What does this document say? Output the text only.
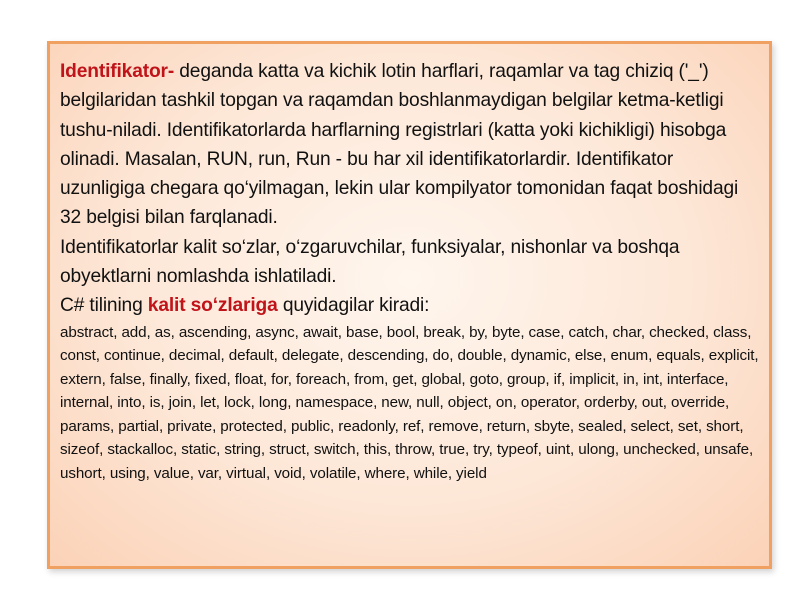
Identifikator- deganda katta va kichik lotin harflari, raqamlar va tag chiziq ('_') belgilaridan tashkil topgan va raqamdan boshlanmaydigan belgilar ketma-ketligi tushu-niladi. Identifikatorlarda harflarning registrlari (katta yoki kichikligi) hisobga olinadi. Masalan, RUN, run, Run - bu har xil identifikatorlardir. Identifikator uzunligiga chegara qo‘yilmagan, lekin ular kompilyator tomonidan faqat boshidagi 32 belgisi bilan farqlanadi.

Identifikatorlar kalit so‘zlar, o‘zgaruvchilar, funksiyalar, nishonlar va boshqa obyektlarni nomlashda ishlatiladi.

C# tilining kalit so‘zlariga quyidagilar kiradi:

abstract, add, as, ascending, async, await, base, bool, break, by, byte, case, catch, char, checked, class, const, continue, decimal, default, delegate, descending, do, double, dynamic, else, enum, equals, explicit, extern, false, finally, fixed, float, for, foreach, from, get, global, goto, group, if, implicit, in, int, interface, internal, into, is, join, let, lock, long, namespace, new, null, object, on, operator, orderby, out, override, params, partial, private, protected, public, readonly, ref, remove, return, sbyte, sealed, select, set, short, sizeof, stackalloc, static, string, struct, switch, this, throw, true, try, typeof, uint, ulong, unchecked, unsafe, ushort, using, value, var, virtual, void, volatile, where, while, yield
